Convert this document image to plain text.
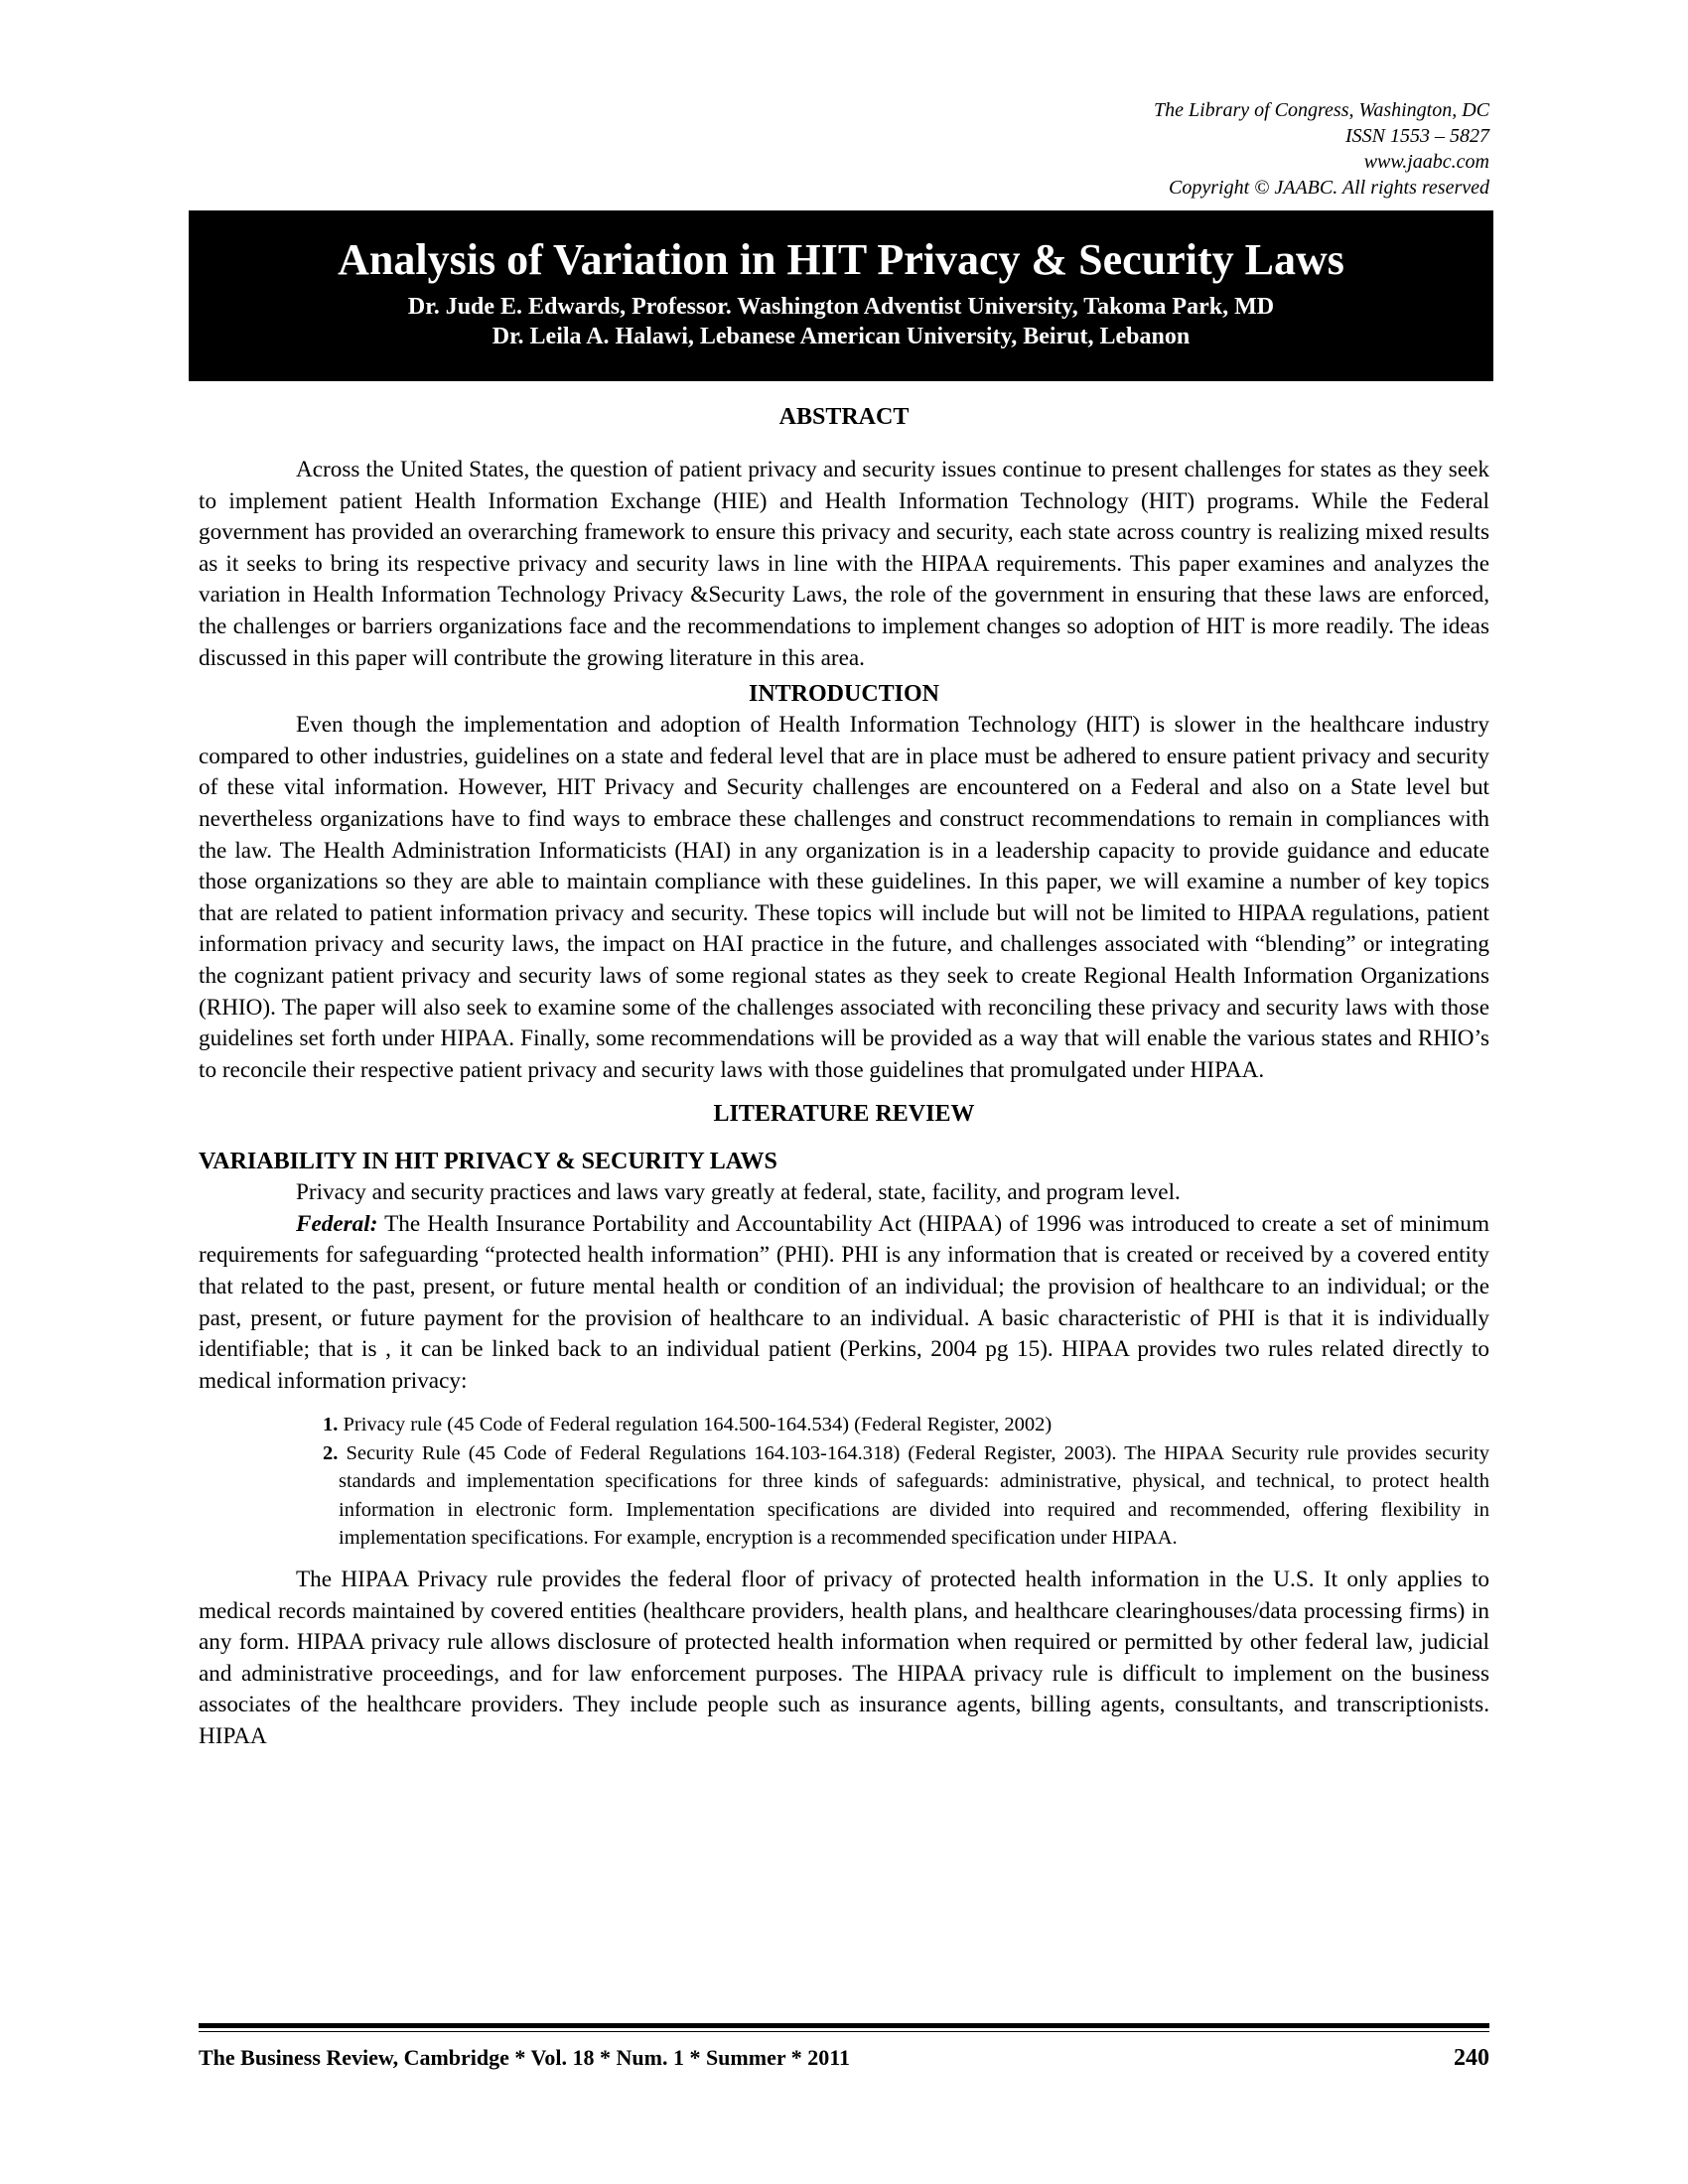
The Library of Congress, Washington, DC
ISSN 1553 – 5827
www.jaabc.com
Copyright © JAABC. All rights reserved
Analysis of Variation in HIT Privacy & Security Laws
Dr. Jude E. Edwards, Professor. Washington Adventist University, Takoma Park, MD
Dr. Leila A. Halawi, Lebanese American University, Beirut, Lebanon
ABSTRACT

Across the United States, the question of patient privacy and security issues continue to present challenges for states as they seek to implement patient Health Information Exchange (HIE) and Health Information Technology (HIT) programs. While the Federal government has provided an overarching framework to ensure this privacy and security, each state across country is realizing mixed results as it seeks to bring its respective privacy and security laws in line with the HIPAA requirements. This paper examines and analyzes the variation in Health Information Technology Privacy &Security Laws, the role of the government in ensuring that these laws are enforced, the challenges or barriers organizations face and the recommendations to implement changes so adoption of HIT is more readily. The ideas discussed in this paper will contribute the growing literature in this area.

INTRODUCTION

Even though the implementation and adoption of Health Information Technology (HIT) is slower in the healthcare industry compared to other industries, guidelines on a state and federal level that are in place must be adhered to ensure patient privacy and security of these vital information. However, HIT Privacy and Security challenges are encountered on a Federal and also on a State level but nevertheless organizations have to find ways to embrace these challenges and construct recommendations to remain in compliances with the law. The Health Administration Informaticists (HAI) in any organization is in a leadership capacity to provide guidance and educate those organizations so they are able to maintain compliance with these guidelines. In this paper, we will examine a number of key topics that are related to patient information privacy and security. These topics will include but will not be limited to HIPAA regulations, patient information privacy and security laws, the impact on HAI practice in the future, and challenges associated with “blending” or integrating the cognizant patient privacy and security laws of some regional states as they seek to create Regional Health Information Organizations (RHIO). The paper will also seek to examine some of the challenges associated with reconciling these privacy and security laws with those guidelines set forth under HIPAA. Finally, some recommendations will be provided as a way that will enable the various states and RHIO’s to reconcile their respective patient privacy and security laws with those guidelines that promulgated under HIPAA.

LITERATURE REVIEW
VARIABILITY IN HIT PRIVACY & SECURITY LAWS

Privacy and security practices and laws vary greatly at federal, state, facility, and program level.

Federal: The Health Insurance Portability and Accountability Act (HIPAA) of 1996 was introduced to create a set of minimum requirements for safeguarding “protected health information” (PHI). PHI is any information that is created or received by a covered entity that related to the past, present, or future mental health or condition of an individual; the provision of healthcare to an individual; or the past, present, or future payment for the provision of healthcare to an individual. A basic characteristic of PHI is that it is individually identifiable; that is , it can be linked back to an individual patient (Perkins, 2004 pg 15). HIPAA provides two rules related directly to medical information privacy:

1. Privacy rule (45 Code of Federal regulation 164.500-164.534) (Federal Register, 2002)
2. Security Rule (45 Code of Federal Regulations 164.103-164.318) (Federal Register, 2003). The HIPAA Security rule provides security standards and implementation specifications for three kinds of safeguards: administrative, physical, and technical, to protect health information in electronic form. Implementation specifications are divided into required and recommended, offering flexibility in implementation specifications. For example, encryption is a recommended specification under HIPAA.

The HIPAA Privacy rule provides the federal floor of privacy of protected health information in the U.S. It only applies to medical records maintained by covered entities (healthcare providers, health plans, and healthcare clearinghouses/data processing firms) in any form. HIPAA privacy rule allows disclosure of protected health information when required or permitted by other federal law, judicial and administrative proceedings, and for law enforcement purposes. The HIPAA privacy rule is difficult to implement on the business associates of the healthcare providers. They include people such as insurance agents, billing agents, consultants, and transcriptionists. HIPAA

The Business Review, Cambridge * Vol. 18 * Num. 1 * Summer * 2011	240
